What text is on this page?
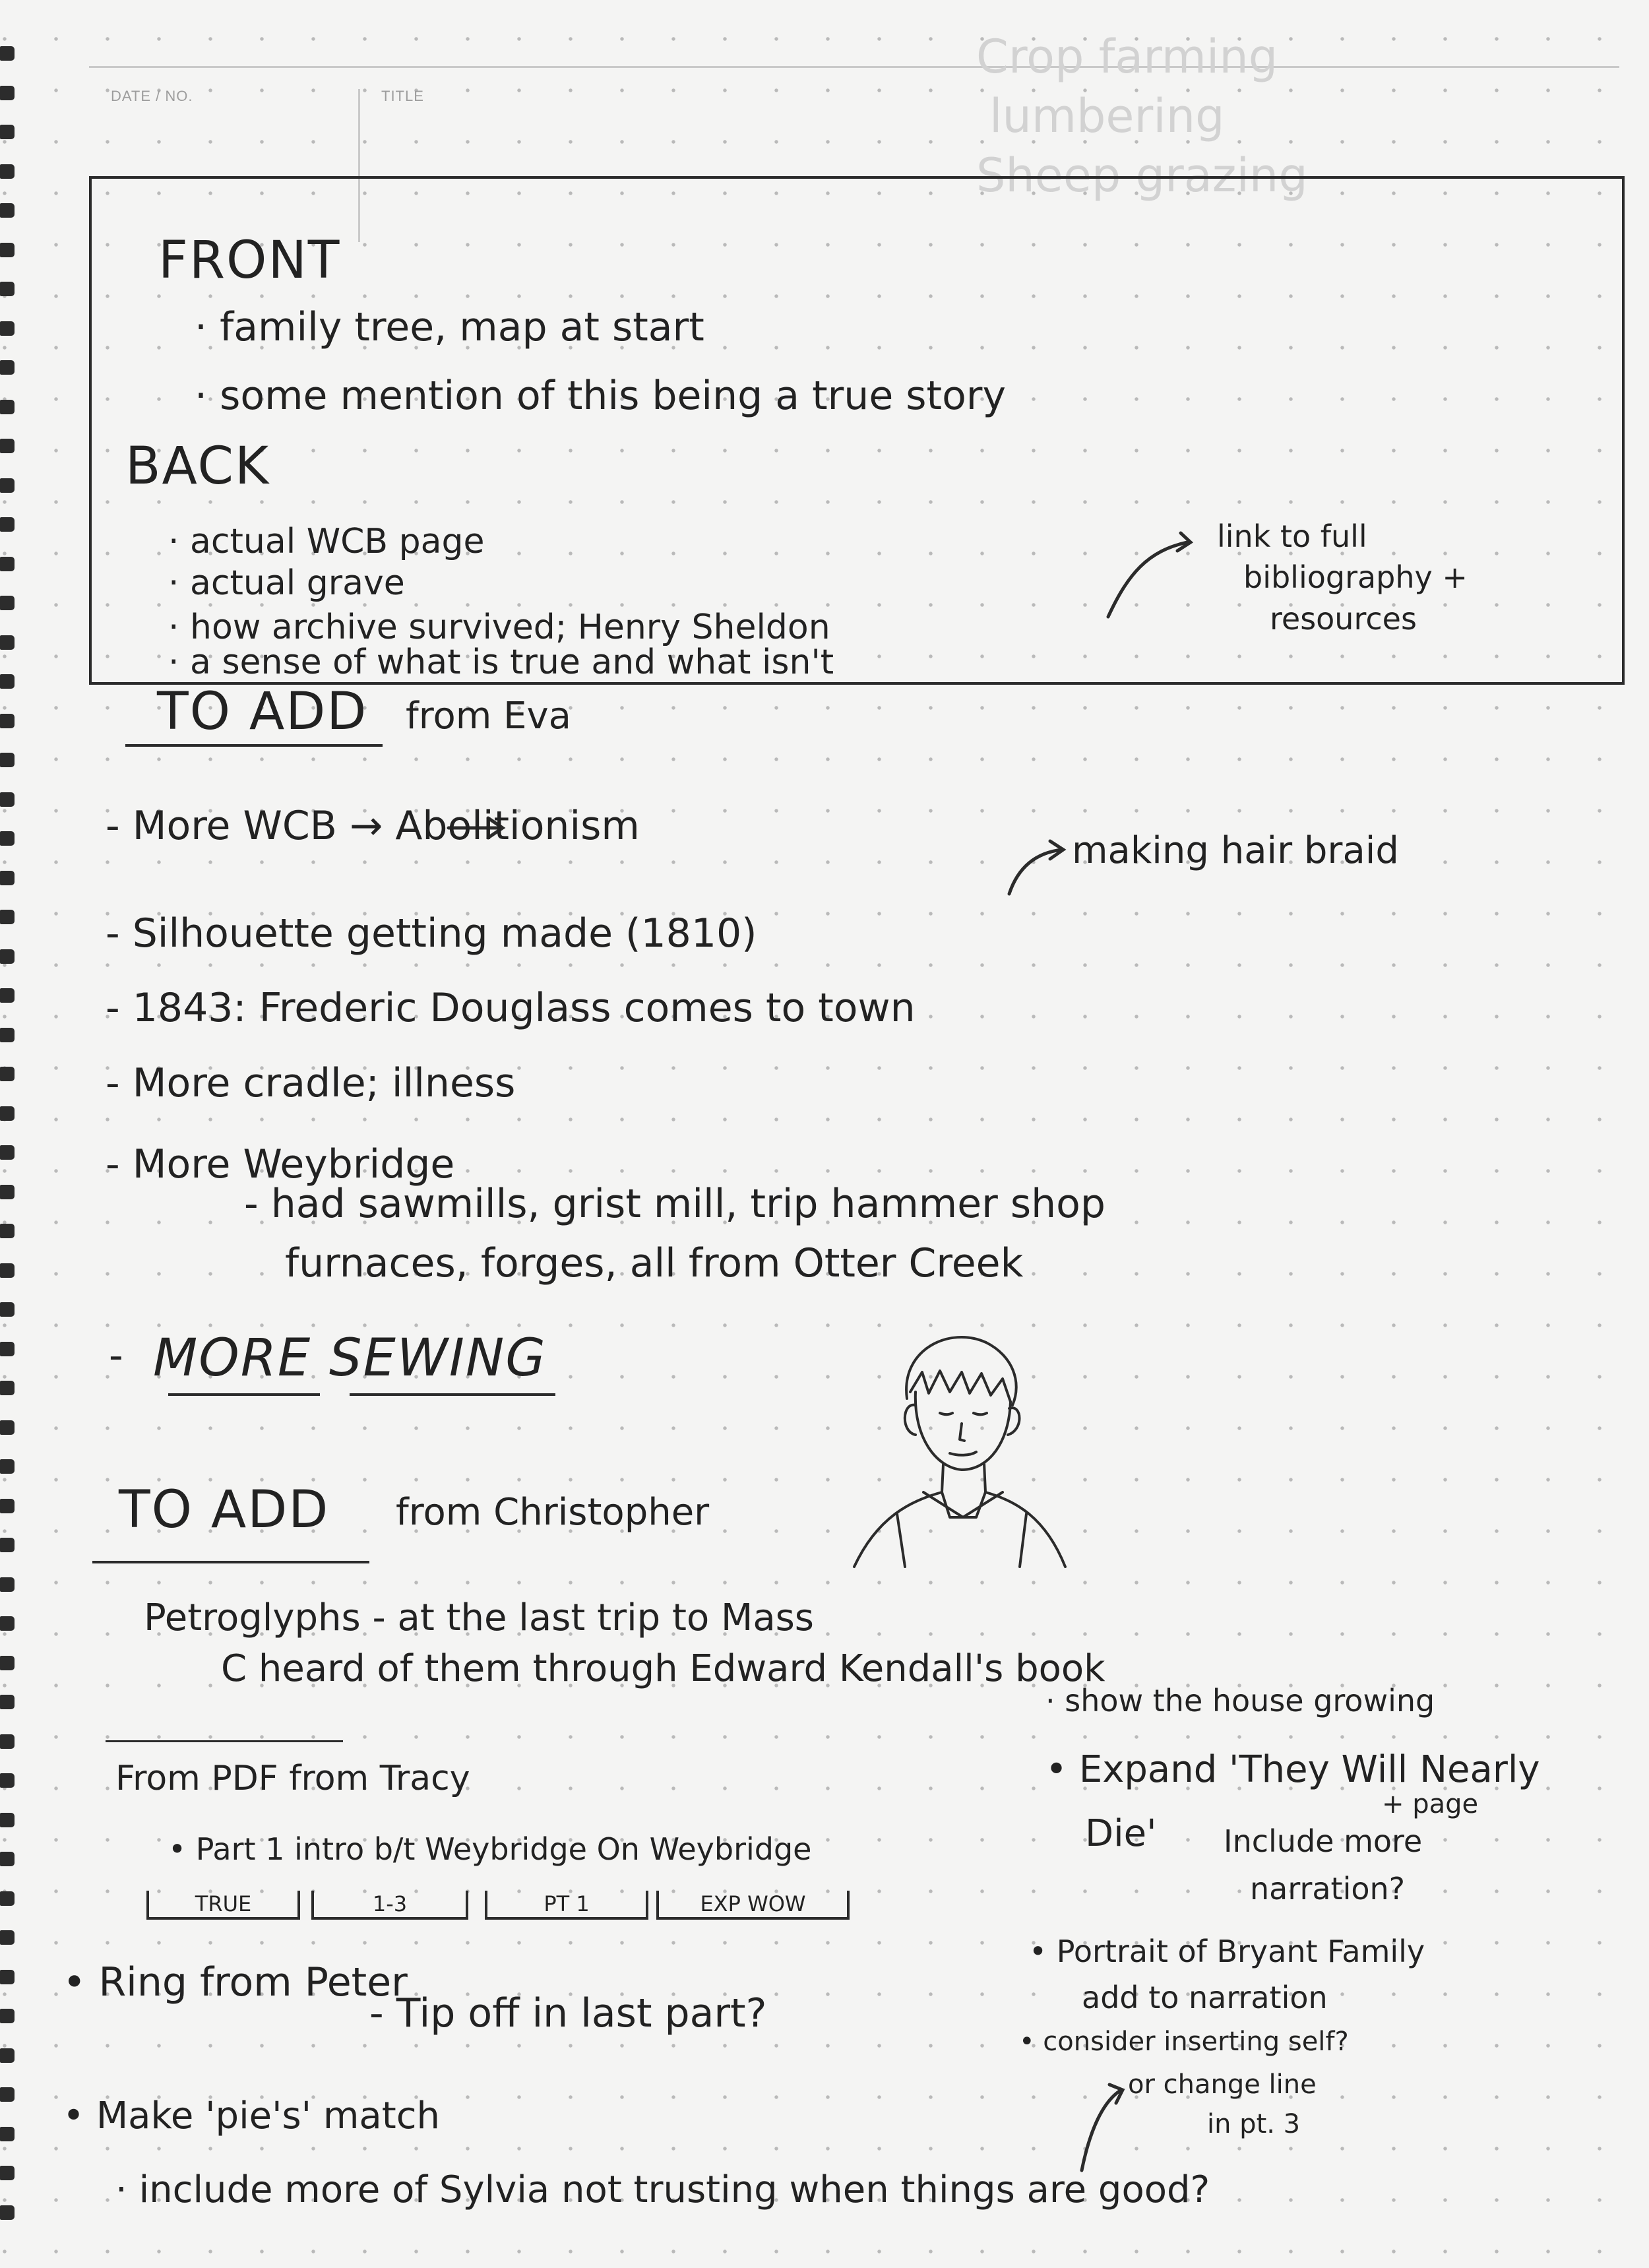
DATE / NO.	TITLE
Crop farming
lumbering
Sheep grazing
FRONT
· family tree, map at start
· some mention of this being a true story
BACK
· actual WCB page
· actual grave
· how archive survived; Henry Sheldon
· a sense of what is true and what isn't
link to full
bibliography +
resources
TO ADD from Eva
- More WCB → Abolitionism
making hair braid
- Silhouette getting made (1810)
- 1843: Frederic Douglass comes to town
- More cradle; illness
- More Weybridge
- had sawmills, grist mill, trip hammer shop
furnaces, forges, all from Otter Creek
- MORE SEWING
TO ADD from Christopher
Petroglyphs - at the last trip to Mass
C heard of them through Edward Kendall's book
From PDF from Tracy
• Part 1 intro b/t Weybridge On Weybridge
TRUE	1-3	PT 1	EXP WOW
· show the house growing
• Expand 'They Will Nearly
Die'
+ page
Include more
narration?
• Portrait of Bryant Family
add to narration
• consider inserting self?
or change line
in pt. 3
• Ring from Peter
- Tip off in last part?
• Make 'pie's' match
· include more of Sylvia not trusting when things are good?
